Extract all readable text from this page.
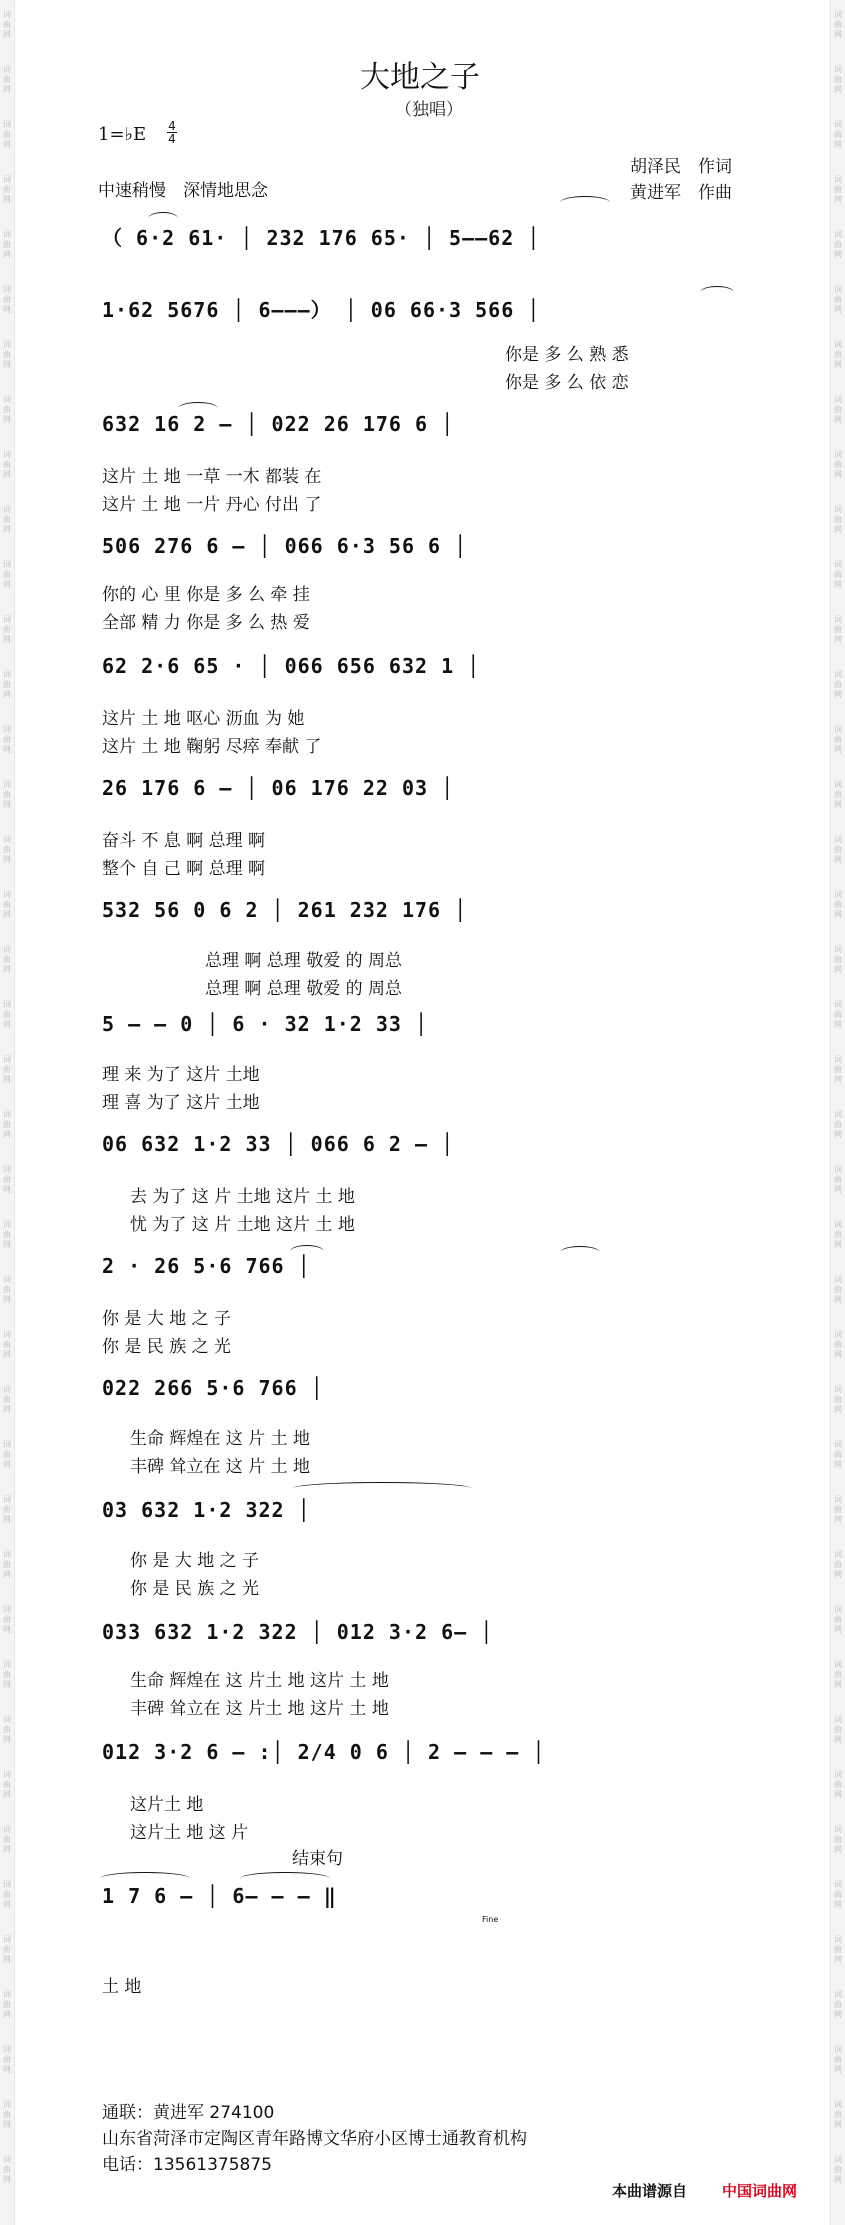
词曲网
词曲网
词曲网
词曲网
词曲网
词曲网
词曲网
词曲网
词曲网
词曲网
词曲网
词曲网
词曲网
词曲网
词曲网
词曲网
词曲网
词曲网
词曲网
词曲网
词曲网
词曲网
词曲网
词曲网
词曲网
词曲网
词曲网
词曲网
词曲网
词曲网
词曲网
词曲网
词曲网
词曲网
词曲网
词曲网
词曲网
词曲网
词曲网
词曲网
词曲网
词曲网
词曲网
词曲网
词曲网
词曲网
词曲网
词曲网
词曲网
词曲网
词曲网
词曲网
词曲网
词曲网
词曲网
词曲网
词曲网
词曲网
词曲网
词曲网
词曲网
词曲网
词曲网
词曲网
词曲网
词曲网
词曲网
词曲网
词曲网
词曲网
词曲网
词曲网
词曲网
词曲网
词曲网
词曲网
词曲网
词曲网
词曲网
词曲网
大地之子
（独唱）
1=♭E 4
4
中速稍慢　深情地思念
胡泽民　作词
黄进军　作曲
（ 6·2 61· │ 232 176 65· │ 5——62 │
1·62 5676 │ 6———） │ 06 66·3 566 │
你是 多 么 熟 悉
你是 多 么 依 恋
632 16 2 — │ 022 26 176 6 │
这片 土 地 一草 一木 都装 在
这片 土 地 一片 丹心 付出 了
506 276 6 — │ 066 6·3 56 6 │
你的 心 里 你是 多 么 牵 挂
全部 精 力 你是 多 么 热 爱
62 2·6 65 · │ 066 656 632 1 │
这片 土 地 呕心 沥血 为 她
这片 土 地 鞠躬 尽瘁 奉献 了
26 176 6 — │ 06 176 22 03 │
奋斗 不 息 啊 总理 啊
整个 自 己 啊 总理 啊
532 56 0 6 2 │ 261 232 176 │
总理 啊 总理 敬爱 的 周总
总理 啊 总理 敬爱 的 周总
5 — — 0 │ 6 · 32 1·2 33 │
理 来 为了 这片 土地
理 喜 为了 这片 土地
06 632 1·2 33 │ 066 6 2 — │
去 为了 这 片 土地 这片 土 地
忧 为了 这 片 土地 这片 土 地
2 · 26 5·6 766 │
你 是 大 地 之 子
你 是 民 族 之 光
022 266 5·6 766 │
生命 辉煌在 这 片 土 地
丰碑 耸立在 这 片 土 地
03 632 1·2 322 │
你 是 大 地 之 子
你 是 民 族 之 光
033 632 1·2 322 │ 012 3·2 6— │
生命 辉煌在 这 片土 地 这片 土 地
丰碑 耸立在 这 片土 地 这片 土 地
012 3·2 6 — :│ 2/4 0 6 │ 2 — — — │
这片土 地
这片土 地 这 片
结束句
1 7 6 — │ 6— — — ‖
Fine
土 地
通联：黄进军 274100
山东省菏泽市定陶区青年路博文华府小区博士通教育机构
电话：13561375875
本曲谱源自 中国词曲网
